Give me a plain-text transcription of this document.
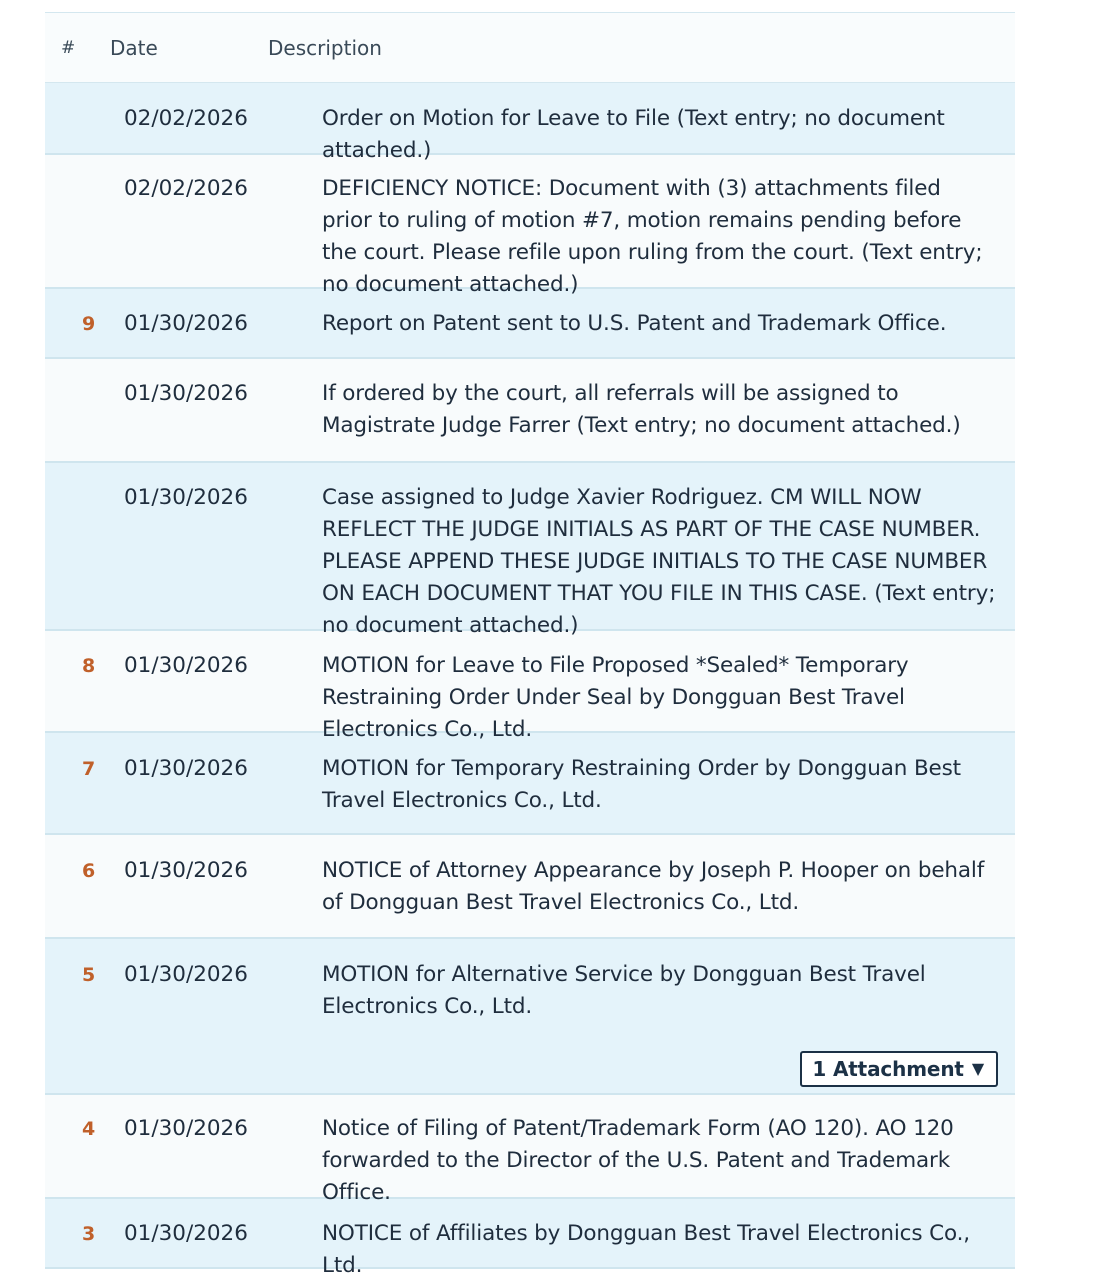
#	Date	Description
02/02/2026	Order on Motion for Leave to File (Text entry; no document attached.)
02/02/2026	DEFICIENCY NOTICE: Document with (3) attachments filed prior to ruling of motion #7, motion remains pending before the court. Please refile upon ruling from the court. (Text entry; no document attached.)
9	01/30/2026	Report on Patent sent to U.S. Patent and Trademark Office.
01/30/2026	If ordered by the court, all referrals will be assigned to Magistrate Judge Farrer (Text entry; no document attached.)
01/30/2026	Case assigned to Judge Xavier Rodriguez. CM WILL NOW REFLECT THE JUDGE INITIALS AS PART OF THE CASE NUMBER. PLEASE APPEND THESE JUDGE INITIALS TO THE CASE NUMBER ON EACH DOCUMENT THAT YOU FILE IN THIS CASE. (Text entry; no document attached.)
8	01/30/2026	MOTION for Leave to File Proposed *Sealed* Temporary Restraining Order Under Seal by Dongguan Best Travel Electronics Co., Ltd.
7	01/30/2026	MOTION for Temporary Restraining Order by Dongguan Best Travel Electronics Co., Ltd.
6	01/30/2026	NOTICE of Attorney Appearance by Joseph P. Hooper on behalf of Dongguan Best Travel Electronics Co., Ltd.
5	01/30/2026	MOTION for Alternative Service by Dongguan Best Travel Electronics Co., Ltd.
1 Attachment ▼
4	01/30/2026	Notice of Filing of Patent/Trademark Form (AO 120). AO 120 forwarded to the Director of the U.S. Patent and Trademark Office.
3	01/30/2026	NOTICE of Affiliates by Dongguan Best Travel Electronics Co., Ltd.
